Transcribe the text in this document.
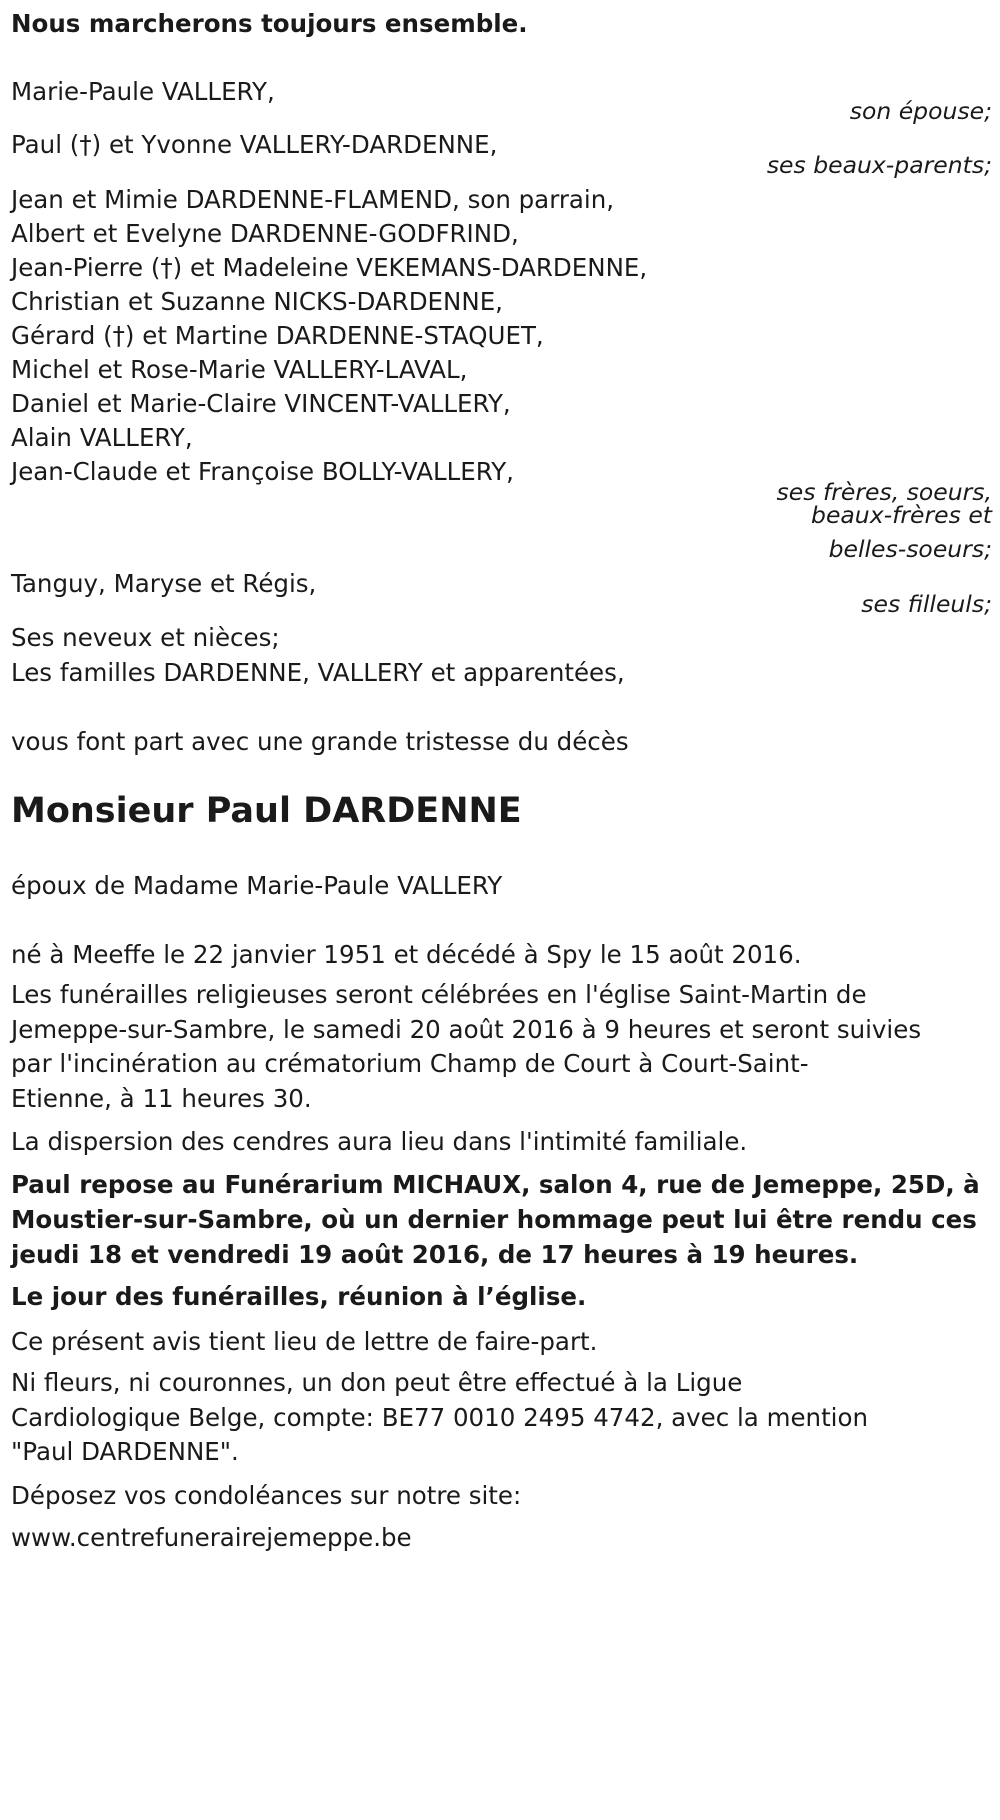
Nous marcherons toujours ensemble.

Marie-Paule VALLERY,

son épouse;

Paul (†) et Yvonne VALLERY-DARDENNE,

ses beaux-parents;

Jean et Mimie DARDENNE-FLAMEND, son parrain,

Albert et Evelyne DARDENNE-GODFRIND,

Jean-Pierre (†) et Madeleine VEKEMANS-DARDENNE,

Christian et Suzanne NICKS-DARDENNE,

Gérard (†) et Martine DARDENNE-STAQUET,

Michel et Rose-Marie VALLERY-LAVAL,

Daniel et Marie-Claire VINCENT-VALLERY,

Alain VALLERY,

Jean-Claude et Françoise BOLLY-VALLERY,

ses frères, soeurs,
beaux-frères et

belles-soeurs;

Tanguy, Maryse et Régis,

ses filleuls;

Ses neveux et nièces;

Les familles DARDENNE, VALLERY et apparentées,

vous font part avec une grande tristesse du décès

Monsieur Paul DARDENNE

époux de Madame Marie-Paule VALLERY

né à Meeffe le 22 janvier 1951 et décédé à Spy le 15 août 2016.

Les funérailles religieuses seront célébrées en l'église Saint-Martin de
Jemeppe-sur-Sambre, le samedi 20 août 2016 à 9 heures et seront suivies
par l'incinération au crématorium Champ de Court à Court-Saint-
Etienne, à 11 heures 30.

La dispersion des cendres aura lieu dans l'intimité familiale.

Paul repose au Funérarium MICHAUX, salon 4, rue de Jemeppe, 25D, à
Moustier-sur-Sambre, où un dernier hommage peut lui être rendu ces
jeudi 18 et vendredi 19 août 2016, de 17 heures à 19 heures.

Le jour des funérailles, réunion à l’église.

Ce présent avis tient lieu de lettre de faire-part.

Ni fleurs, ni couronnes, un don peut être effectué à la Ligue
Cardiologique Belge, compte: BE77 0010 2495 4742, avec la mention
"Paul DARDENNE".

Déposez vos condoléances sur notre site:

www.centrefunerairejemeppe.be
